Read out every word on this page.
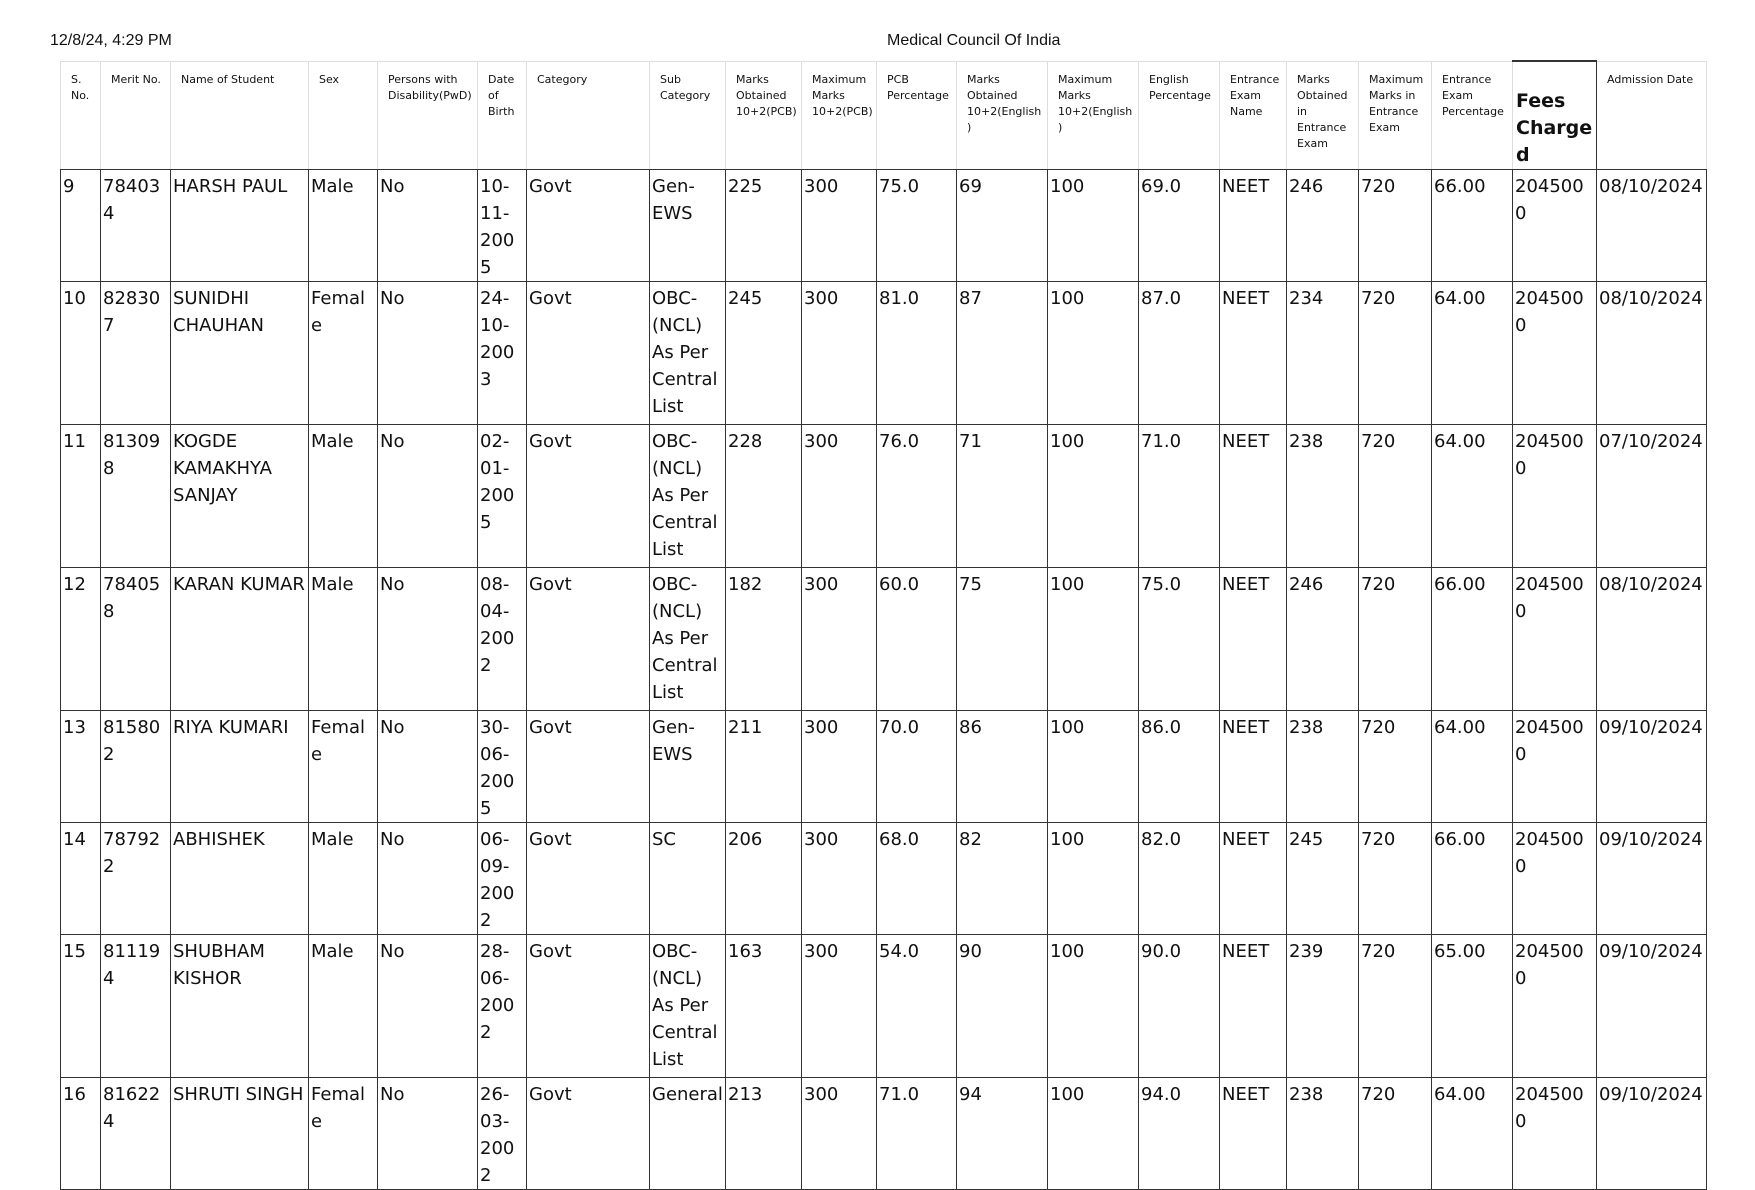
12/8/24, 4:29 PM	Medical Council Of India
S. No.	Merit No.	Name of Student	Sex	Persons with Disability(PwD)	Date of Birth	Category	Sub Category	Marks Obtained 10+2(PCB)	Maximum Marks 10+2(PCB)	PCB Percentage	Marks Obtained 10+2(English)	Maximum Marks 10+2(English)	English Percentage	Entrance Exam Name	Marks Obtained in Entrance Exam	Maximum Marks in Entrance Exam	Entrance Exam Percentage	Fees Charged	Admission Date
9	784034	HARSH PAUL	Male	No	10-11-2005	Govt	Gen-EWS	225	300	75.0	69	100	69.0	NEET	246	720	66.00	2045000	08/10/2024
10	828307	SUNIDHI CHAUHAN	Female	No	24-10-2003	Govt	OBC-(NCL) As Per Central List	245	300	81.0	87	100	87.0	NEET	234	720	64.00	2045000	08/10/2024
11	813098	KOGDE KAMAKHYA SANJAY	Male	No	02-01-2005	Govt	OBC-(NCL) As Per Central List	228	300	76.0	71	100	71.0	NEET	238	720	64.00	2045000	07/10/2024
12	784058	KARAN KUMAR	Male	No	08-04-2002	Govt	OBC-(NCL) As Per Central List	182	300	60.0	75	100	75.0	NEET	246	720	66.00	2045000	08/10/2024
13	815802	RIYA KUMARI	Female	No	30-06-2005	Govt	Gen-EWS	211	300	70.0	86	100	86.0	NEET	238	720	64.00	2045000	09/10/2024
14	787922	ABHISHEK	Male	No	06-09-2002	Govt	SC	206	300	68.0	82	100	82.0	NEET	245	720	66.00	2045000	09/10/2024
15	811194	SHUBHAM KISHOR	Male	No	28-06-2002	Govt	OBC-(NCL) As Per Central List	163	300	54.0	90	100	90.0	NEET	239	720	65.00	2045000	09/10/2024
16	816224	SHRUTI SINGH	Female	No	26-03-2002	Govt	General	213	300	71.0	94	100	94.0	NEET	238	720	64.00	2045000	09/10/2024
